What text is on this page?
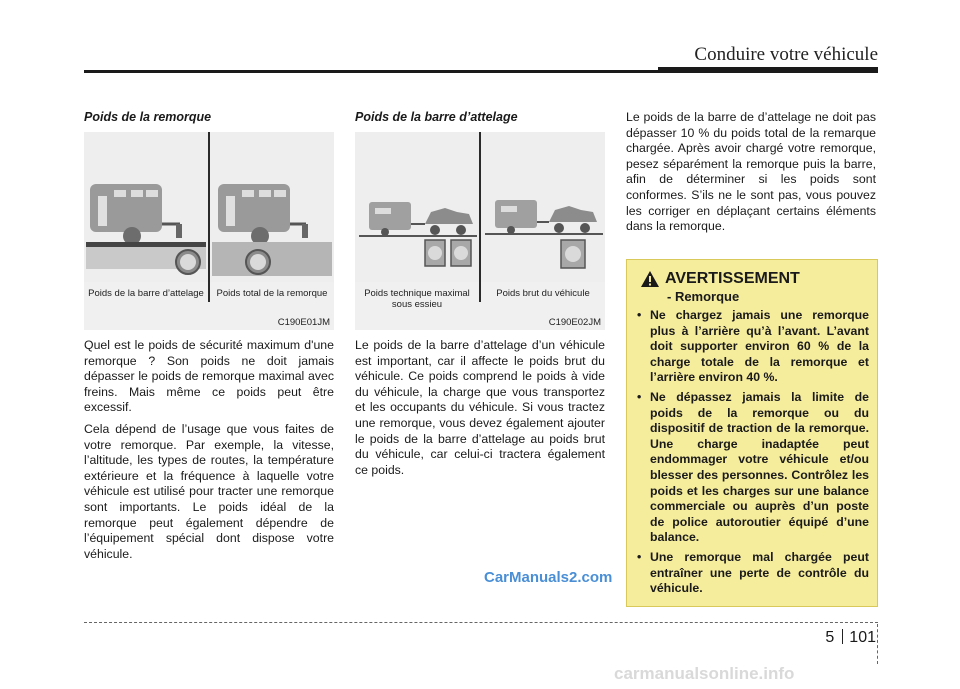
Conduire votre véhicule
Poids de la remorque
Poids de la barre d’attelage	Poids total de la remorque
C190E01JM

Quel est le poids de sécurité maximum d'une remorque ? Son poids ne doit jamais dépasser le poids de remorque maximal avec freins. Mais même ce poids peut être excessif.

Cela dépend de l’usage que vous faites de votre remorque. Par exemple, la vitesse, l’altitude, les types de routes, la température extérieure et la fréquence à laquelle votre véhicule est utilisé pour tracter une remorque sont importants. Le poids idéal de la remorque peut également dépendre de l’équipement spécial dont dispose votre véhicule.

Poids de la barre d’attelage
Poids technique maximal sous essieu
Poids brut du véhicule
C190E02JM

Le poids de la barre d’attelage d’un véhicule est important, car il affecte le poids brut du véhicule. Ce poids comprend le poids à vide du véhicule, la charge que vous transportez et les occupants du véhicule. Si vous tractez une remorque, vous devez également ajouter le poids de la barre d’attelage au poids brut du véhicule, car celui-ci tractera également ce poids.

Le poids de la barre de d’attelage ne doit pas dépasser 10 % du poids total de la remarque chargée. Après avoir chargé votre remorque, pesez séparément la remorque puis la barre, afin de déterminer si les poids sont conformes. S’ils ne le sont pas, vous pouvez les corriger en déplaçant certains éléments dans la remorque.

AVERTISSEMENT
- Remorque
• Ne chargez jamais une remorque plus à l’arrière qu’à l’avant. L’avant doit supporter environ 60 % de la charge totale de la remorque et l’arrière environ 40 %.
• Ne dépassez jamais la limite de poids de la remorque ou du dispositif de traction de la remorque. Une charge inadaptée peut endommager votre véhicule et/ou blesser des personnes. Contrôlez les poids et les charges sur une balance commerciale ou auprès d’un poste de police autoroutier équipé d’une balance.
• Une remorque mal chargée peut entraîner une perte de contrôle du véhicule.
CarManuals2.com
5 101
carmanualsonline.info
